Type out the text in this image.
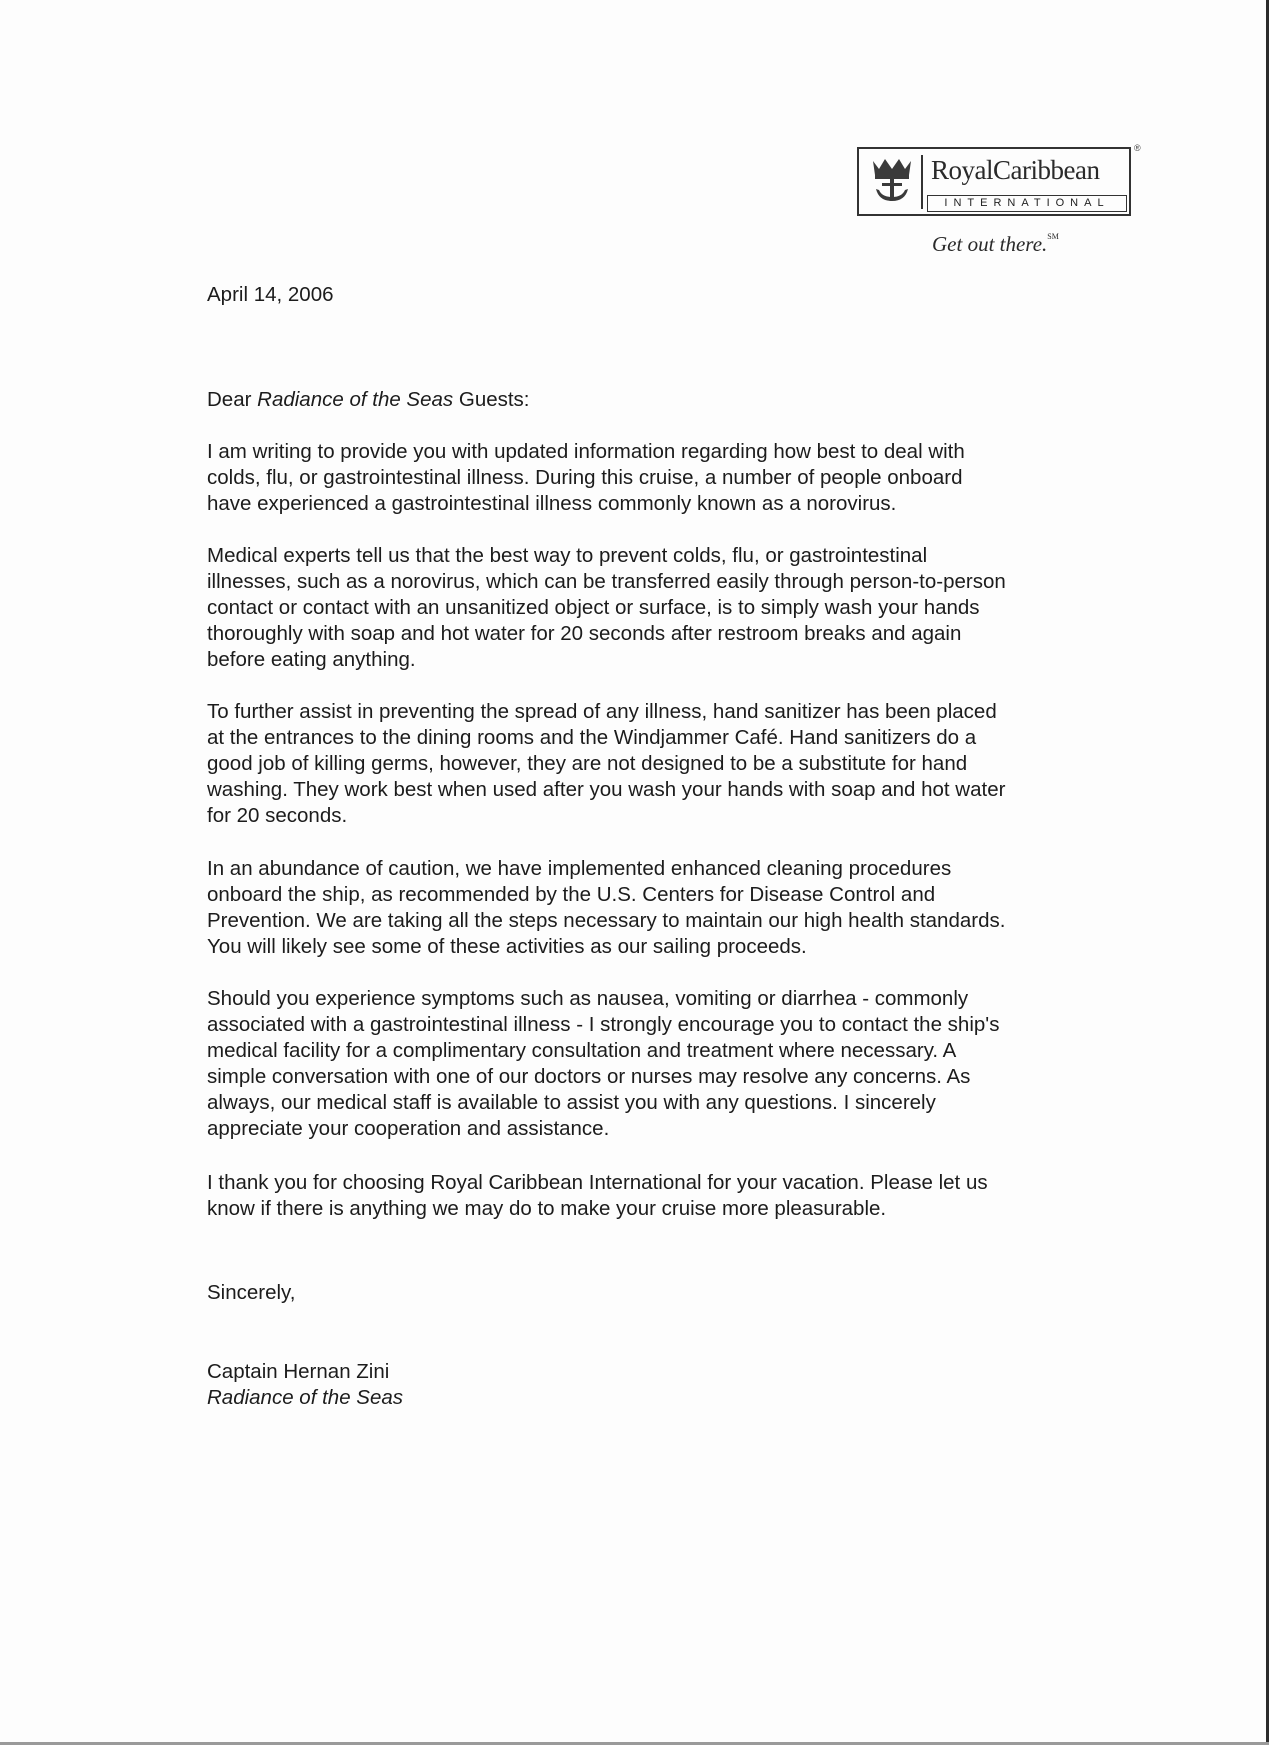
RoyalCaribbean
INTERNATIONAL
®
Get out there.℠
April 14, 2006
Dear Radiance of the Seas Guests:
I am writing to provide you with updated information regarding how best to deal with
colds, flu, or gastrointestinal illness. During this cruise, a number of people onboard
have experienced a gastrointestinal illness commonly known as a norovirus.
Medical experts tell us that the best way to prevent colds, flu, or gastrointestinal
illnesses, such as a norovirus, which can be transferred easily through person-to-person
contact or contact with an unsanitized object or surface, is to simply wash your hands
thoroughly with soap and hot water for 20 seconds after restroom breaks and again
before eating anything.
To further assist in preventing the spread of any illness, hand sanitizer has been placed
at the entrances to the dining rooms and the Windjammer Café. Hand sanitizers do a
good job of killing germs, however, they are not designed to be a substitute for hand
washing. They work best when used after you wash your hands with soap and hot water
for 20 seconds.
In an abundance of caution, we have implemented enhanced cleaning procedures
onboard the ship, as recommended by the U.S. Centers for Disease Control and
Prevention. We are taking all the steps necessary to maintain our high health standards.
You will likely see some of these activities as our sailing proceeds.
Should you experience symptoms such as nausea, vomiting or diarrhea - commonly
associated with a gastrointestinal illness - I strongly encourage you to contact the ship's
medical facility for a complimentary consultation and treatment where necessary. A
simple conversation with one of our doctors or nurses may resolve any concerns. As
always, our medical staff is available to assist you with any questions. I sincerely
appreciate your cooperation and assistance.
I thank you for choosing Royal Caribbean International for your vacation. Please let us
know if there is anything we may do to make your cruise more pleasurable.
Sincerely,
Captain Hernan Zini
Radiance of the Seas
